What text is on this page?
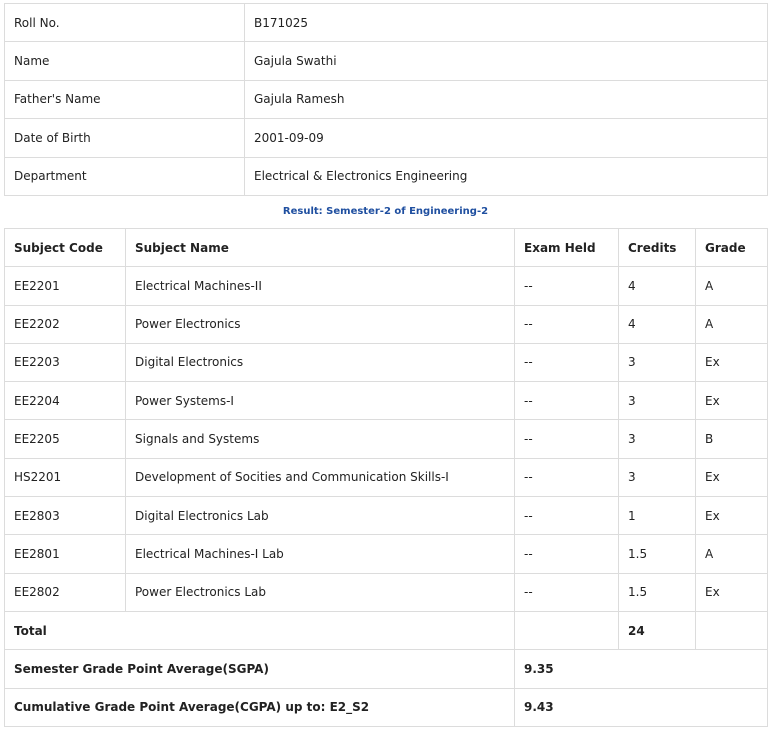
Roll No.	B171025
Name	Gajula Swathi
Father's Name	Gajula Ramesh
Date of Birth	2001-09-09
Department	Electrical & Electronics Engineering
Result: Semester-2 of Engineering-2
Subject Code	Subject Name	Exam Held	Credits	Grade
EE2201	Electrical Machines-II	--	4	A
EE2202	Power Electronics	--	4	A
EE2203	Digital Electronics	--	3	Ex
EE2204	Power Systems-I	--	3	Ex
EE2205	Signals and Systems	--	3	B
HS2201	Development of Socities and Communication Skills-I	--	3	Ex
EE2803	Digital Electronics Lab	--	1	Ex
EE2801	Electrical Machines-I Lab	--	1.5	A
EE2802	Power Electronics Lab	--	1.5	Ex
Total			24	
Semester Grade Point Average(SGPA)		9.35		
Cumulative Grade Point Average(CGPA) up to: E2_S2		9.43		
